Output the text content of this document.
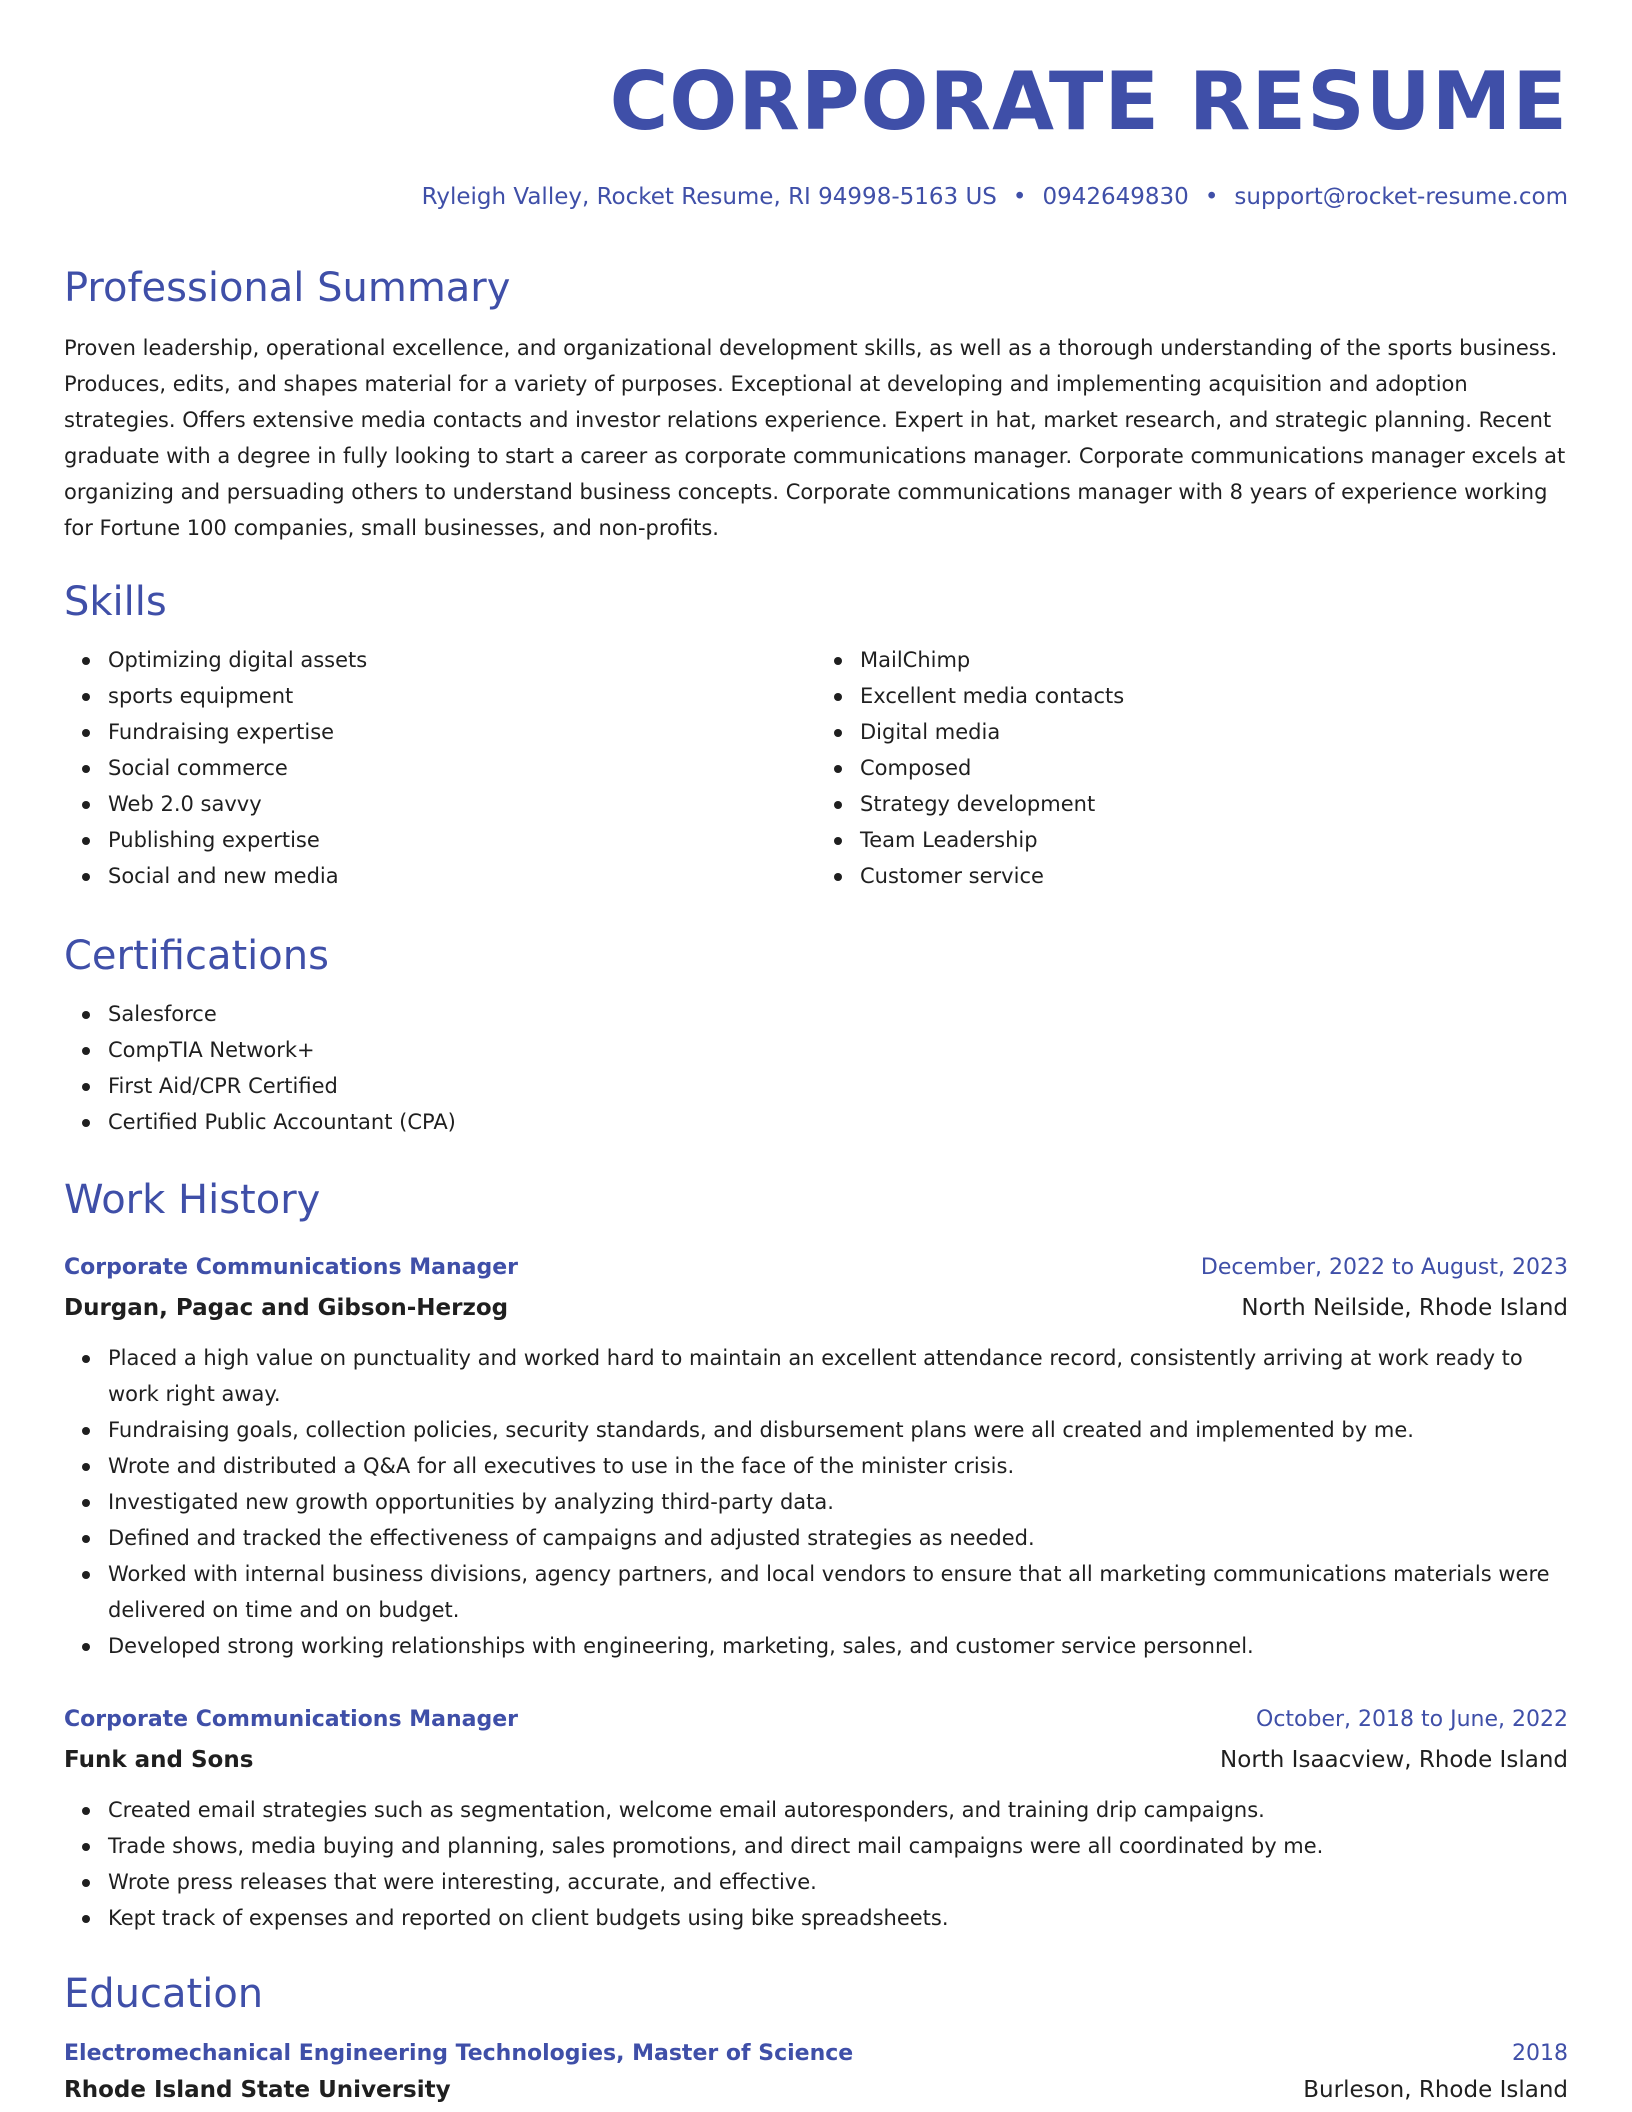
CORPORATE RESUME
Ryleigh Valley, Rocket Resume, RI 94998-5163 US • 0942649830 • support@rocket-resume.com
Professional Summary

Proven leadership, operational excellence, and organizational development skills, as well as a thorough understanding of the sports business. Produces, edits, and shapes material for a variety of purposes. Exceptional at developing and implementing acquisition and adoption strategies. Offers extensive media contacts and investor relations experience. Expert in hat, market research, and strategic planning. Recent graduate with a degree in fully looking to start a career as corporate communications manager. Corporate communications manager excels at organizing and persuading others to understand business concepts. Corporate communications manager with 8 years of experience working for Fortune 100 companies, small businesses, and non-profits.

Skills
Optimizing digital assets
sports equipment
Fundraising expertise
Social commerce
Web 2.0 savvy
Publishing expertise
Social and new media
MailChimp
Excellent media contacts
Digital media
Composed
Strategy development
Team Leadership
Customer service
Certifications
Salesforce
CompTIA Network+
First Aid/CPR Certified
Certified Public Accountant (CPA)
Work History
Corporate Communications Manager	December, 2022 to August, 2023
Durgan, Pagac and Gibson-Herzog	North Neilside, Rhode Island
Placed a high value on punctuality and worked hard to maintain an excellent attendance record, consistently arriving at work ready to work right away.
Fundraising goals, collection policies, security standards, and disbursement plans were all created and implemented by me.
Wrote and distributed a Q&A for all executives to use in the face of the minister crisis.
Investigated new growth opportunities by analyzing third-party data.
Defined and tracked the effectiveness of campaigns and adjusted strategies as needed.
Worked with internal business divisions, agency partners, and local vendors to ensure that all marketing communications materials were delivered on time and on budget.
Developed strong working relationships with engineering, marketing, sales, and customer service personnel.
Corporate Communications Manager	October, 2018 to June, 2022
Funk and Sons	North Isaacview, Rhode Island
Created email strategies such as segmentation, welcome email autoresponders, and training drip campaigns.
Trade shows, media buying and planning, sales promotions, and direct mail campaigns were all coordinated by me.
Wrote press releases that were interesting, accurate, and effective.
Kept track of expenses and reported on client budgets using bike spreadsheets.
Education
Electromechanical Engineering Technologies, Master of Science	2018
Rhode Island State University	Burleson, Rhode Island
